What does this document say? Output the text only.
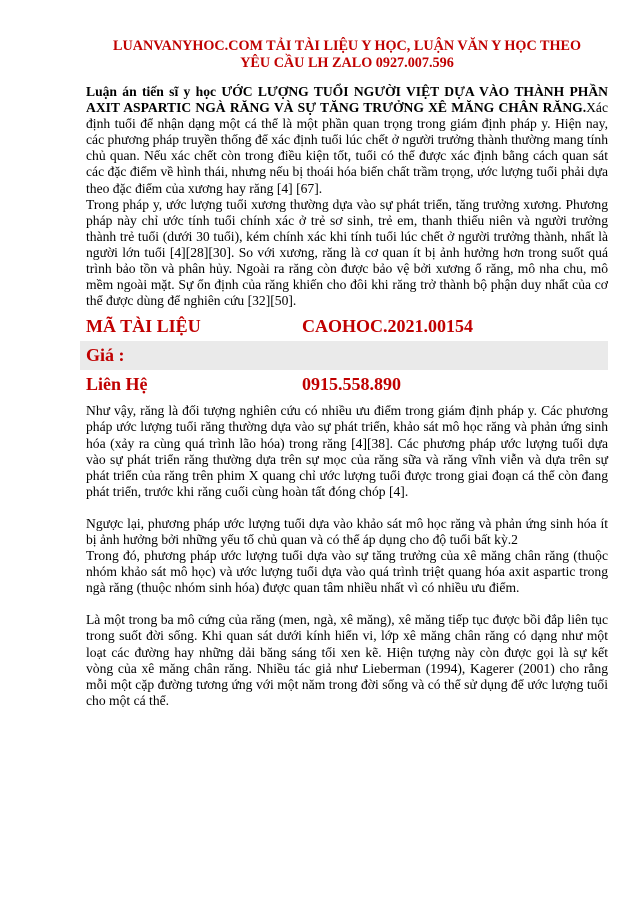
LUANVANYHOC.COM TẢI TÀI LIỆU Y HỌC, LUẬN VĂN Y HỌC THEO
YÊU CẦU LH ZALO 0927.007.596

Luận án tiến sĩ y học ƯỚC LƯỢNG TUỔI NGƯỜI VIỆT DỰA VÀO THÀNH PHẦN AXIT ASPARTIC NGÀ RĂNG VÀ SỰ TĂNG TRƯỞNG XÊ MĂNG CHÂN RĂNG.Xác định tuổi để nhận dạng một cá thể là một phần quan trọng trong giám định pháp y. Hiện nay, các phương pháp truyền thống để xác định tuổi lúc chết ở người trưởng thành thường mang tính chủ quan. Nếu xác chết còn trong điều kiện tốt, tuổi có thể được xác định bằng cách quan sát các đặc điểm về hình thái, nhưng nếu bị thoái hóa biến chất trầm trọng, ước lượng tuổi phải dựa theo đặc điểm của xương hay răng [4] [67].

Trong pháp y, ước lượng tuổi xương thường dựa vào sự phát triển, tăng trưởng xương. Phương pháp này chỉ ước tính tuổi chính xác ở trẻ sơ sinh, trẻ em, thanh thiếu niên và người trưởng thành trẻ tuổi (dưới 30 tuổi), kém chính xác khi tính tuổi lúc chết ở người trưởng thành, nhất là người lớn tuổi [4][28][30]. So với xương, răng là cơ quan ít bị ảnh hưởng hơn trong suốt quá trình bảo tồn và phân hủy. Ngoài ra răng còn được bảo vệ bởi xương ổ răng, mô nha chu, mô mềm ngoài mặt. Sự ổn định của răng khiến cho đôi khi răng trở thành bộ phận duy nhất của cơ thể được dùng để nghiên cứu [32][50].

MÃ TÀI LIỆU	CAOHOC.2021.00154
Giá :
Liên Hệ	0915.558.890

Như vậy, răng là đối tượng nghiên cứu có nhiều ưu điểm trong giám định pháp y. Các phương pháp ước lượng tuổi răng thường dựa vào sự phát triển, khảo sát mô học răng và phản ứng sinh hóa (xảy ra cùng quá trình lão hóa) trong răng [4][38]. Các phương pháp ước lượng tuổi dựa vào sự phát triển răng thường dựa trên sự mọc của răng sữa và răng vĩnh viễn và dựa trên sự phát triển của răng trên phim X quang chỉ ước lượng tuổi được trong giai đoạn cá thể còn đang phát triển, trước khi răng cuối cùng hoàn tất đóng chóp [4].

Ngược lại, phương pháp ước lượng tuổi dựa vào khảo sát mô học răng và phản ứng sinh hóa ít bị ảnh hưởng bởi những yếu tố chủ quan và có thể áp dụng cho độ tuổi bất kỳ.2

Trong đó, phương pháp ước lượng tuổi dựa vào sự tăng trưởng của xê măng chân răng (thuộc nhóm khảo sát mô học) và ước lượng tuổi dựa vào quá trình triệt quang hóa axit aspartic trong ngà răng (thuộc nhóm sinh hóa) được quan tâm nhiều nhất vì có nhiều ưu điểm.

Là một trong ba mô cứng của răng (men, ngà, xê măng), xê măng tiếp tục được bồi đắp liên tục trong suốt đời sống. Khi quan sát dưới kính hiển vi, lớp xê măng chân răng có dạng như một loạt các đường hay những dải băng sáng tối xen kẽ. Hiện tượng này còn được gọi là sự kết vòng của xê măng chân răng. Nhiều tác giả như Lieberman (1994), Kagerer (2001) cho rằng mỗi một cặp đường tương ứng với một năm trong đời sống và có thể sử dụng để ước lượng tuổi cho một cá thể.
